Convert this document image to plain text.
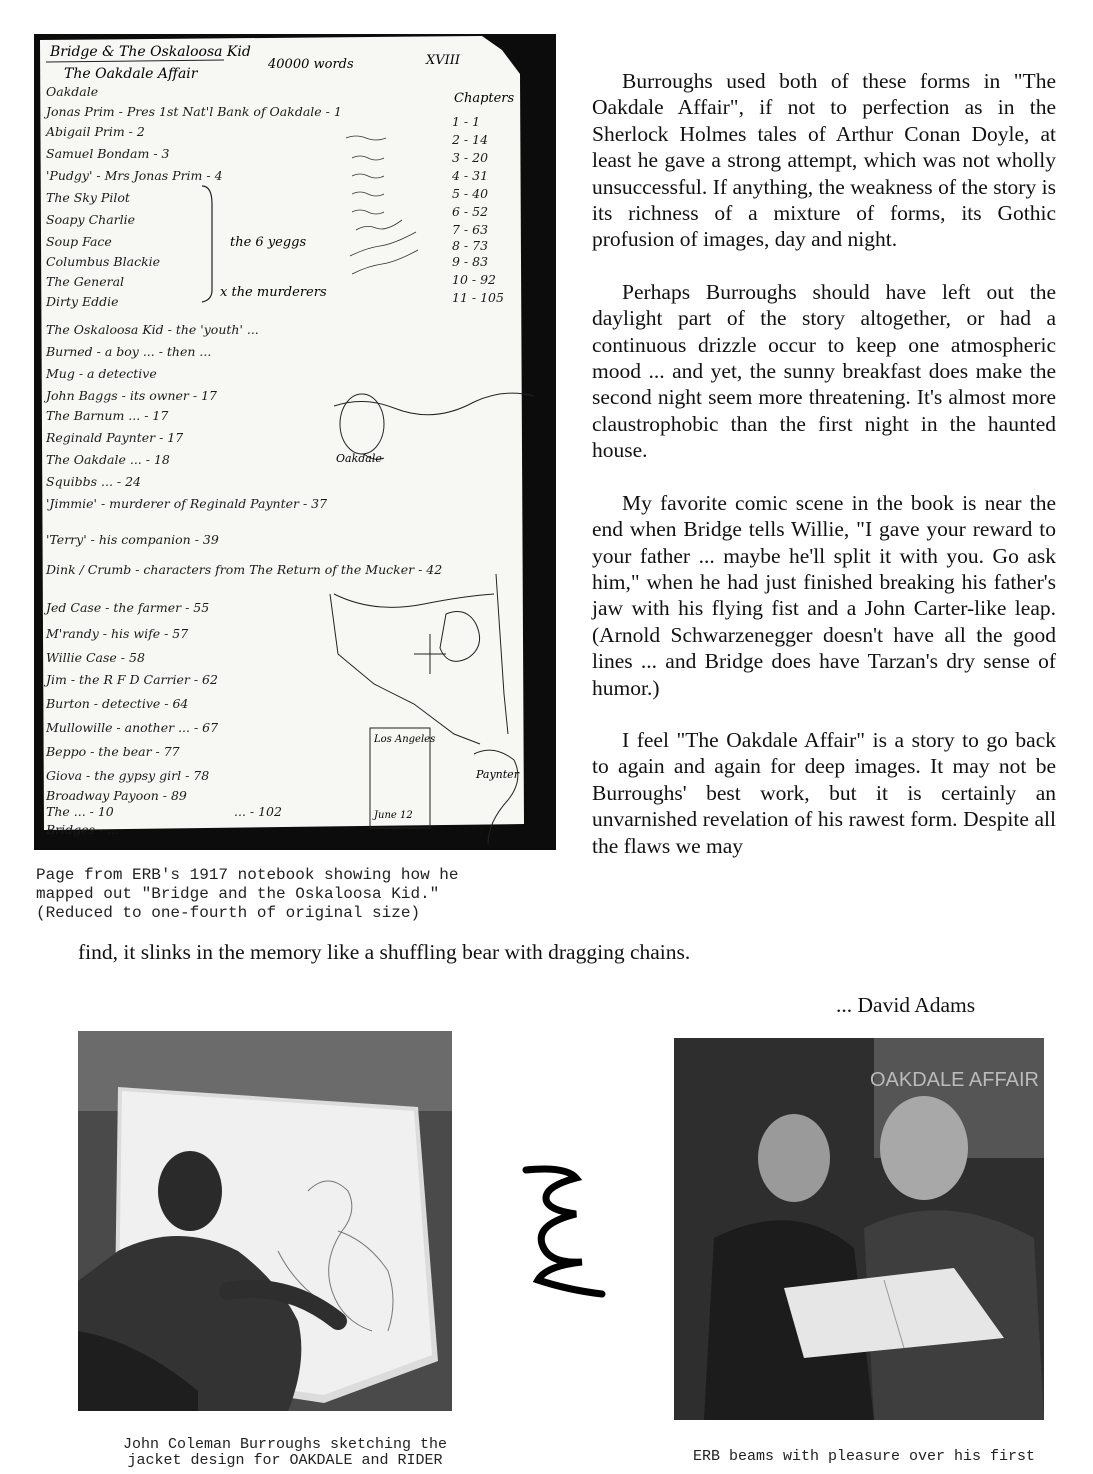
Bridge & The Oskaloosa Kid
40000 words	XVIII
The Oakdale Affair
Oakdale
Jonas Prim - Pres 1st Nat'l Bank of Oakdale - 1
Abigail Prim - 2
Samuel Bondam - 3
'Pudgy' - Mrs Jonas Prim - 4
The Sky Pilot
Soapy Charlie
Soup Face
Columbus Blackie
The General
Dirty Eddie
the 6 yeggs
x the murderers
Chapters
1 - 1
2 - 14
3 - 20
4 - 31
5 - 40
6 - 52
7 - 63
8 - 73
9 - 83
10 - 92
11 - 105
The Oskaloosa Kid - the 'youth' ...
Burned - a boy ... - then ...
Mug - a detective
John Baggs - its owner - 17
The Barnum ... - 17
Reginald Paynter - 17
The Oakdale ... - 18
Squibbs ... - 24
'Jimmie' - murderer of Reginald Paynter - 37
'Terry' - his companion - 39
Dink / Crumb - characters from The Return of the Mucker - 42
Jed Case - the farmer - 55
M'randy - his wife - 57
Willie Case - 58
Jim - the R F D Carrier - 62
Burton - detective - 64
Mullowille - another ... - 67
Beppo - the bear - 77
Giova - the gypsy girl - 78
Broadway Payoon - 89
The ... - 10	... - 102
Bridges - ...
Oakdale
Paynter
Los Angeles
June 12
Page from ERB's 1917 notebook showing how he
mapped out "Bridge and the Oskaloosa Kid."
(Reduced to one-fourth of original size)

Burroughs used both of these forms in "The Oakdale Affair", if not to perfection as in the Sherlock Holmes tales of Arthur Conan Doyle, at least he gave a strong attempt, which was not wholly unsuccessful. If anything, the weakness of the story is its richness of a mixture of forms, its Gothic profusion of images, day and night.

Perhaps Burroughs should have left out the daylight part of the story altogether, or had a continuous drizzle occur to keep one atmospheric mood ... and yet, the sunny breakfast does make the second night seem more threatening. It's almost more claustrophobic than the first night in the haunted house.

My favorite comic scene in the book is near the end when Bridge tells Willie, "I gave your reward to your father ... maybe he'll split it with you. Go ask him," when he had just finished breaking his father's jaw with his flying fist and a John Carter-like leap. (Arnold Schwarzenegger doesn't have all the good lines ... and Bridge does have Tarzan's dry sense of humor.)

I feel "The Oakdale Affair" is a story to go back to again and again for deep images. It may not be Burroughs' best work, but it is certainly an unvarnished revelation of his rawest form. Despite all the flaws we may

find, it slinks in the memory like a shuffling bear with dragging chains.
... David Adams
John Coleman Burroughs sketching the
jacket design for OAKDALE and RIDER
OAKDALE AFFAIR
ERB beams with pleasure over his first
